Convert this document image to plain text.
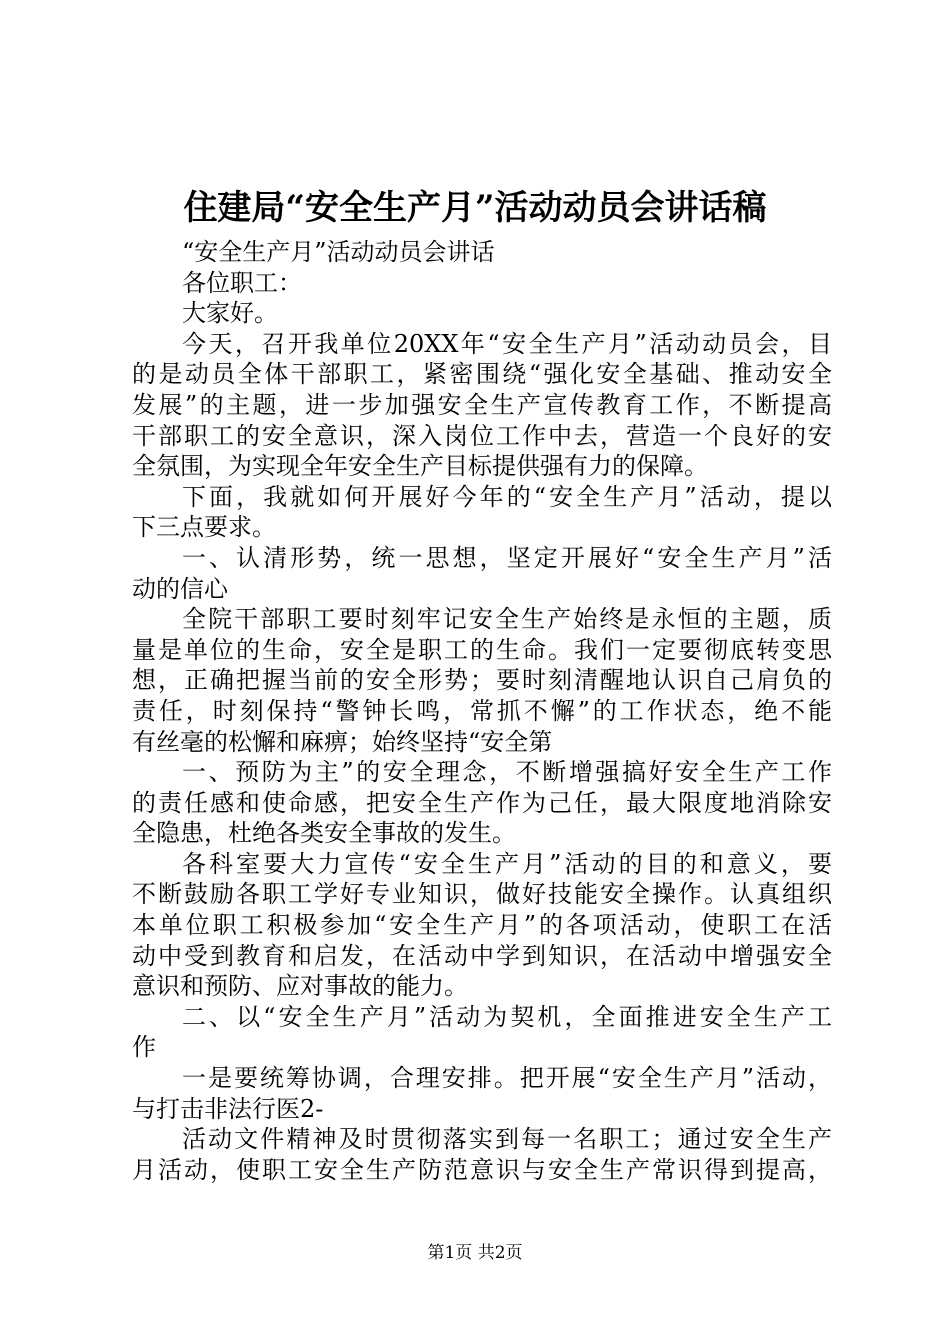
住建局“安全生产月”活动动员会讲话稿
“安全生产月”活动动员会讲话
各位职工：
大家好。
今天，召开我单位20XX年“安全生产月”活动动员会，目
的是动员全体干部职工，紧密围绕“强化安全基础、推动安全
发展”的主题，进一步加强安全生产宣传教育工作，不断提高
干部职工的安全意识，深入岗位工作中去，营造一个良好的安
全氛围，为实现全年安全生产目标提供强有力的保障。
下面，我就如何开展好今年的“安全生产月”活动，提以
下三点要求。
一、认清形势，统一思想，坚定开展好“安全生产月”活
动的信心
全院干部职工要时刻牢记安全生产始终是永恒的主题，质
量是单位的生命，安全是职工的生命。我们一定要彻底转变思
想，正确把握当前的安全形势；要时刻清醒地认识自己肩负的
责任，时刻保持“警钟长鸣，常抓不懈”的工作状态，绝不能
有丝毫的松懈和麻痹；始终坚持“安全第
一、预防为主”的安全理念，不断增强搞好安全生产工作
的责任感和使命感，把安全生产作为己任，最大限度地消除安
全隐患，杜绝各类安全事故的发生。
各科室要大力宣传“安全生产月”活动的目的和意义，要
不断鼓励各职工学好专业知识，做好技能安全操作。认真组织
本单位职工积极参加“安全生产月”的各项活动，使职工在活
动中受到教育和启发，在活动中学到知识，在活动中增强安全
意识和预防、应对事故的能力。
二、以“安全生产月”活动为契机，全面推进安全生产工
作
一是要统筹协调，合理安排。把开展“安全生产月”活动，
与打击非法行医2-
活动文件精神及时贯彻落实到每一名职工；通过安全生产
月活动，使职工安全生产防范意识与安全生产常识得到提高，
第1页 共2页
